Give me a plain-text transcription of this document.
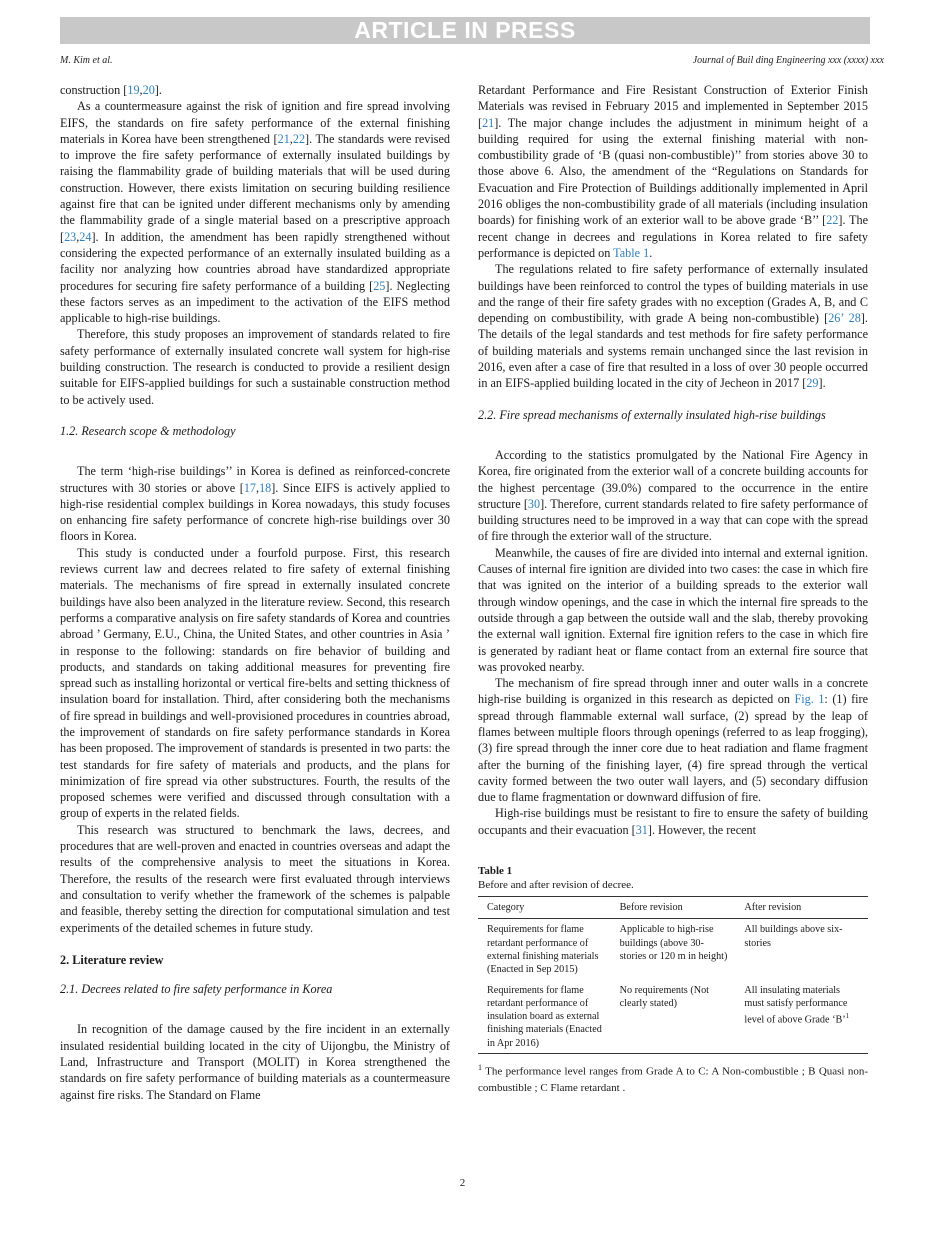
ARTICLE IN PRESS
M. Kim et al.	Journal of Buil ding Engineering xxx (xxxx) xxx

construction [19,20].

As a countermeasure against the risk of ignition and fire spread involving EIFS, the standards on fire safety performance of the external finishing materials in Korea have been strengthened [21,22]. The standards were revised to improve the fire safety performance of externally insulated buildings by raising the flammability grade of building materials that will be used during construction. However, there exists limitation on securing building resilience against fire that can be ignited under different mechanisms only by amending the flammability grade of a single material based on a prescriptive approach [23,24]. In addition, the amendment has been rapidly strengthened without considering the expected performance of an externally insulated building as a facility nor analyzing how countries abroad have standardized appropriate procedures for securing fire safety performance of a building [25]. Neglecting these factors serves as an impediment to the activation of the EIFS method applicable to high-rise buildings.

Therefore, this study proposes an improvement of standards related to fire safety performance of externally insulated concrete wall system for high-rise building construction. The research is conducted to provide a resilient design suitable for EIFS-applied buildings for such a sustainable construction method to be actively used.

1.2. Research scope & methodology

The term ‘high-rise buildings’’ in Korea is defined as reinforced-concrete structures with 30 stories or above [17,18]. Since EIFS is actively applied to high-rise residential complex buildings in Korea nowadays, this study focuses on enhancing fire safety performance of concrete high-rise buildings over 30 floors in Korea.

This study is conducted under a fourfold purpose. First, this research reviews current law and decrees related to fire safety of external finishing materials. The mechanisms of fire spread in externally insulated concrete buildings have also been analyzed in the literature review. Second, this research performs a comparative analysis on fire safety standards of Korea and countries abroad ’ Germany, E.U., China, the United States, and other countries in Asia ’ in response to the following: standards on fire behavior of building and products, and standards on taking additional measures for preventing fire spread such as installing horizontal or vertical fire-belts and setting thickness of insulation board for installation. Third, after considering both the mechanisms of fire spread in buildings and well-provisioned procedures in countries abroad, the improvement of standards on fire safety performance standards in Korea has been proposed. The improvement of standards is presented in two parts: the test standards for fire safety of materials and products, and the plans for minimization of fire spread via other substructures. Fourth, the results of the proposed schemes were verified and discussed through consultation with a group of experts in the related fields.

This research was structured to benchmark the laws, decrees, and procedures that are well-proven and enacted in countries overseas and adapt the results of the comprehensive analysis to meet the situations in Korea. Therefore, the results of the research were first evaluated through interviews and consultation to verify whether the framework of the schemes is palpable and feasible, thereby setting the direction for computational simulation and test experiments of the detailed schemes in future study.

2. Literature review
2.1. Decrees related to fire safety performance in Korea

In recognition of the damage caused by the fire incident in an externally insulated residential building located in the city of Uijongbu, the Ministry of Land, Infrastructure and Transport (MOLIT) in Korea strengthened the standards on fire safety performance of building materials as a countermeasure against fire risks. The Standard on Flame

Retardant Performance and Fire Resistant Construction of Exterior Finish Materials was revised in February 2015 and implemented in September 2015 [21]. The major change includes the adjustment in minimum height of a building required for using the external finishing material with non-combustibility grade of ‘B (quasi non-combustible)’’ from stories above 30 to those above 6. Also, the amendment of the “Regulations on Standards for Evacuation and Fire Protection of Buildings additionally implemented in April 2016 obliges the non-combustibility grade of all materials (including insulation boards) for finishing work of an exterior wall to be above grade ‘B’’ [22]. The recent change in decrees and regulations in Korea related to fire safety performance is depicted on Table 1.

The regulations related to fire safety performance of externally insulated buildings have been reinforced to control the types of building materials in use and the range of their fire safety grades with no exception (Grades A, B, and C depending on combustibility, with grade A being non-combustible) [26’ 28]. The details of the legal standards and test methods for fire safety performance of building materials and systems remain unchanged since the last revision in 2016, even after a case of fire that resulted in a loss of over 30 people occurred in an EIFS-applied building located in the city of Jecheon in 2017 [29].

2.2. Fire spread mechanisms of externally insulated high-rise buildings

According to the statistics promulgated by the National Fire Agency in Korea, fire originated from the exterior wall of a concrete building accounts for the highest percentage (39.0%) compared to the occurrence in the entire structure [30]. Therefore, current standards related to fire safety performance of building structures need to be improved in a way that can cope with the spread of fire through the exterior wall of the structure.

Meanwhile, the causes of fire are divided into internal and external ignition. Causes of internal fire ignition are divided into two cases: the case in which fire that was ignited on the interior of a building spreads to the exterior wall through window openings, and the case in which the internal fire spreads to the outside through a gap between the outside wall and the slab, thereby provoking the external wall ignition. External fire ignition refers to the case in which fire is generated by radiant heat or flame contact from an external fire source that was provoked nearby.

The mechanism of fire spread through inner and outer walls in a concrete high-rise building is organized in this research as depicted on Fig. 1: (1) fire spread through flammable external wall surface, (2) spread by the leap of flames between multiple floors through openings (referred to as leap frogging), (3) fire spread through the inner core due to heat radiation and flame fragment after the burning of the finishing layer, (4) fire spread through the vertical cavity formed between the two outer wall layers, and (5) secondary diffusion due to flame fragmentation or downward diffusion of fire.

High-rise buildings must be resistant to fire to ensure the safety of building occupants and their evacuation [31]. However, the recent

Table 1
Before and after revision of decree.
Category	Before revision	After revision
Requirements for flame retardant performance of external finishing materials (Enacted in Sep 2015)	Applicable to high-rise buildings (above 30-stories or 120 m in height)	All buildings above six-stories
Requirements for flame retardant performance of insulation board as external finishing materials (Enacted in Apr 2016)	No requirements (Not clearly stated)	All insulating materials must satisfy performance level of above Grade ‘B’$^1$
$^1$ The performance level ranges from Grade A to C: A Non-combustible ; B Quasi non-combustible ; C Flame retardant .
2
